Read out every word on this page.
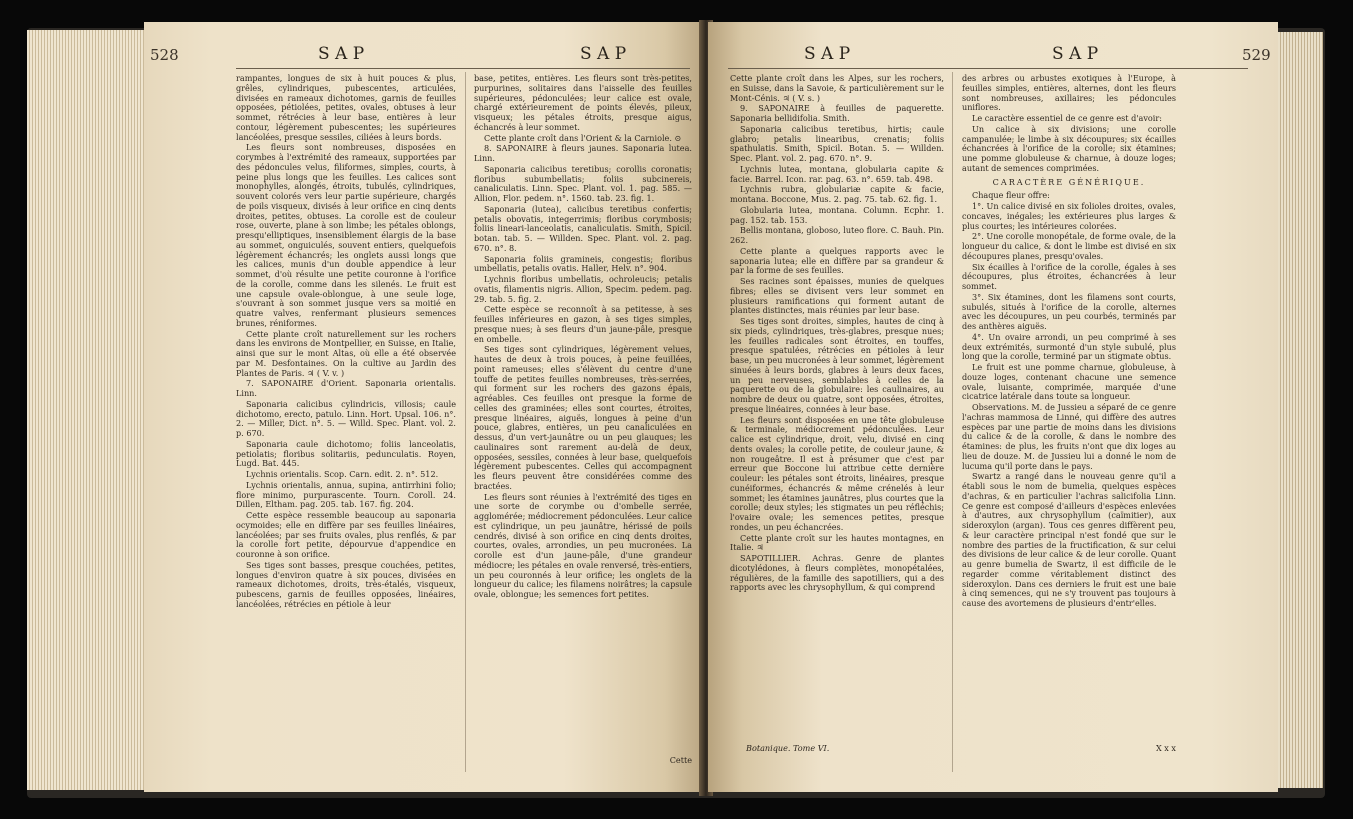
528	S A P	S A P

rampantes, longues de six à huit pouces & plus, grêles, cylindriques, pubescentes, articulées, divisées en rameaux dichotomes, garnis de feuilles opposées, pétiolées, petites, ovales, obtuses à leur sommet, rétrécies à leur base, entières à leur contour, légèrement pubescentes; les supérieures lancéolées, presque sessiles, ciliées à leurs bords.

Les fleurs sont nombreuses, disposées en corymbes à l'extrémité des rameaux, supportées par des pédoncules velus, filiformes, simples, courts, à peine plus longs que les feuilles. Les calices sont monophylles, alongés, étroits, tubulés, cylindriques, souvent colorés vers leur partie supérieure, chargés de poils visqueux, divisés à leur orifice en cinq dents droites, petites, obtuses. La corolle est de couleur rose, ouverte, plane à son limbe; les pétales oblongs, presqu'elliptiques, insensiblement élargis de la base au sommet, onguiculés, souvent entiers, quelquefois légèrement échancrés; les onglets aussi longs que les calices, munis d'un double appendice à leur sommet, d'où résulte une petite couronne à l'orifice de la corolle, comme dans les silenés. Le fruit est une capsule ovale-oblongue, à une seule loge, s'ouvrant à son sommet jusque vers sa moitié en quatre valves, renfermant plusieurs semences brunes, réniformes.

Cette plante croît naturellement sur les rochers dans les environs de Montpellier, en Suisse, en Italie, ainsi que sur le mont Altas, où elle a été observée par M. Desfontaines. On la cultive au Jardin des Plantes de Paris. ♃ ( V. v. )

7. SAPONAIRE d'Orient. Saponaria orientalis. Linn.

Saponaria calicibus cylindricis, villosis; caule dichotomo, erecto, patulo. Linn. Hort. Upsal. 106. n°. 2. — Miller, Dict. n°. 5. — Willd. Spec. Plant. vol. 2. p. 670.

Saponaria caule dichotomo; foliis lanceolatis, petiolatis; floribus solitariis, pedunculatis. Royen, Lugd. Bat. 445.

Lychnis orientalis. Scop. Carn. edit. 2. n°. 512.

Lychnis orientalis, annua, supina, antirrhini folio; flore minimo, purpurascente. Tourn. Coroll. 24. Dillen, Eltham. pag. 205. tab. 167. fig. 204.

Cette espèce ressemble beaucoup au saponaria ocymoides; elle en diffère par ses feuilles linéaires, lancéolées; par ses fruits ovales, plus renflés, & par la corolle fort petite, dépourvue d'appendice en couronne à son orifice.

Ses tiges sont basses, presque couchées, petites, longues d'environ quatre à six pouces, divisées en rameaux dichotomes, droits, très-étalés, visqueux, pubescens, garnis de feuilles opposées, linéaires, lancéolées, rétrécies en pétiole à leur

base, petites, entières. Les fleurs sont très-petites, purpurines, solitaires dans l'aisselle des feuilles supérieures, pédonculées; leur calice est ovale, chargé extérieurement de points élevés, pileux, visqueux; les pétales étroits, presque aigus, échancrés à leur sommet.

Cette plante croît dans l'Orient & la Carniole. ⊙

8. SAPONAIRE à fleurs jaunes. Saponaria lutea. Linn.

Saponaria calicibus teretibus; corollis coronatis; floribus subumbellatis; foliis subcinereis, canaliculatis. Linn. Spec. Plant. vol. 1. pag. 585. — Allion, Flor. pedem. n°. 1560. tab. 23. fig. 1.

Saponaria (lutea), calicibus teretibus confertis; petalis obovatis, integerrimis; floribus corymbosis; foliis lineari-lanceolatis, canaliculatis. Smith, Spicil. botan. tab. 5. — Willden. Spec. Plant. vol. 2. pag. 670. n°. 8.

Saponaria foliis gramineis, congestis; floribus umbellatis, petalis ovatis. Haller, Helv. n°. 904.

Lychnis floribus umbellatis, ochroleucis; petalis ovatis, filamentis nigris. Allion, Specim. pedem. pag. 29. tab. 5. fig. 2.

Cette espèce se reconnoît à sa petitesse, à ses feuilles inférieures en gazon, à ses tiges simples, presque nues; à ses fleurs d'un jaune-pâle, presque en ombelle.

Ses tiges sont cylindriques, légèrement velues, hautes de deux à trois pouces, à peine feuillées, point rameuses; elles s'élèvent du centre d'une touffe de petites feuilles nombreuses, très-serrées, qui forment sur les rochers des gazons épais, agréables. Ces feuilles ont presque la forme de celles des graminées; elles sont courtes, étroites, presque linéaires, aiguës, longues à peine d'un pouce, glabres, entières, un peu canaliculées en dessus, d'un vert-jaunâtre ou un peu glauques; les caulinaires sont rarement au-delà de deux, opposées, sessiles, connées à leur base, quelquefois légèrement pubescentes. Celles qui accompagnent les fleurs peuvent être considérées comme des bractées.

Les fleurs sont réunies à l'extrémité des tiges en une sorte de corymbe ou d'ombelle serrée, agglomérée; médiocrement pédonculées. Leur calice est cylindrique, un peu jaunâtre, hérissé de poils cendrés, divisé à son orifice en cinq dents droites, courtes, ovales, arrondies, un peu mucronées. La corolle est d'un jaune-pâle, d'une grandeur médiocre; les pétales en ovale renversé, très-entiers, un peu couronnés à leur orifice; les onglets de la longueur du calice; les filamens noirâtres; la capsule ovale, oblongue; les semences fort petites.

Cette

S A P	S A P	529

Cette plante croît dans les Alpes, sur les rochers, en Suisse, dans la Savoie, & particulièrement sur le Mont-Cénis. ♃ ( V. s. )

9. SAPONAIRE à feuilles de paquerette. Saponaria bellidifolia. Smith.

Saponaria calicibus teretibus, hirtis; caule glabro; petalis linearibus, crenatis; foliis spathulatis. Smith, Spicil. Botan. 5. — Willden. Spec. Plant. vol. 2. pag. 670. n°. 9.

Lychnis lutea, montana, globularia capite & facie. Barrel. Icon. rar. pag. 63. n°. 659. tab. 498.

Lychnis rubra, globulariæ capite & facie, montana. Boccone, Mus. 2. pag. 75. tab. 62. fig. 1.

Globularia lutea, montana. Column. Ecphr. 1. pag. 152. tab. 153.

Bellis montana, globoso, luteo flore. C. Bauh. Pin. 262.

Cette plante a quelques rapports avec le saponaria lutea; elle en diffère par sa grandeur & par la forme de ses feuilles.

Ses racines sont épaisses, munies de quelques fibres; elles se divisent vers leur sommet en plusieurs ramifications qui forment autant de plantes distinctes, mais réunies par leur base.

Ses tiges sont droites, simples, hautes de cinq à six pieds, cylindriques, très-glabres, presque nues; les feuilles radicales sont étroites, en touffes, presque spatulées, rétrécies en pétioles à leur base, un peu mucronées à leur sommet, légèrement sinuées à leurs bords, glabres à leurs deux faces, un peu nerveuses, semblables à celles de la paquerette ou de la globulaire: les caulinaires, au nombre de deux ou quatre, sont opposées, étroites, presque linéaires, connées à leur base.

Les fleurs sont disposées en une tête globuleuse & terminale, médiocrement pédonculées. Leur calice est cylindrique, droit, velu, divisé en cinq dents ovales; la corolle petite, de couleur jaune, & non rougeâtre. Il est à présumer que c'est par erreur que Boccone lui attribue cette dernière couleur: les pétales sont étroits, linéaires, presque cunéiformes, échancrés & même crénelés à leur sommet; les étamines jaunâtres, plus courtes que la corolle; deux styles; les stigmates un peu réfléchis; l'ovaire ovale; les semences petites, presque rondes, un peu échancrées.

Cette plante croît sur les hautes montagnes, en Italie. ♃

SAPOTILLIER. Achras. Genre de plantes dicotylédones, à fleurs complètes, monopétalées, régulières, de la famille des sapotilliers, qui a des rapports avec les chrysophyllum, & qui comprend

Botanique. Tome VI.

des arbres ou arbustes exotiques à l'Europe, à feuilles simples, entières, alternes, dont les fleurs sont nombreuses, axillaires; les pédoncules uniflores.

Le caractère essentiel de ce genre est d'avoir:

Un calice à six divisions; une corolle campanulée; le limbe à six découpures; six écailles échancrées à l'orifice de la corolle; six étamines; une pomme globuleuse & charnue, à douze loges; autant de semences comprimées.

CARACTÈRE GÉNÉRIQUE.

Chaque fleur offre:

1°. Un calice divisé en six folioles droites, ovales, concaves, inégales; les extérieures plus larges & plus courtes; les intérieures colorées.

2°. Une corolle monopétale, de forme ovale, de la longueur du calice, & dont le limbe est divisé en six découpures planes, presqu'ovales.

Six écailles à l'orifice de la corolle, égales à ses découpures, plus étroites, échancrées à leur sommet.

3°. Six étamines, dont les filamens sont courts, subulés, situés à l'orifice de la corolle, alternes avec les découpures, un peu courbés, terminés par des anthères aiguës.

4°. Un ovaire arrondi, un peu comprimé à ses deux extrémités, surmonté d'un style subulé, plus long que la corolle, terminé par un stigmate obtus.

Le fruit est une pomme charnue, globuleuse, à douze loges, contenant chacune une semence ovale, luisante, comprimée, marquée d'une cicatrice latérale dans toute sa longueur.

Observations. M. de Jussieu a séparé de ce genre l'achras mammosa de Linné, qui diffère des autres espèces par une partie de moins dans les divisions du calice & de la corolle, & dans le nombre des étamines: de plus, les fruits n'ont que dix loges au lieu de douze. M. de Jussieu lui a donné le nom de lucuma qu'il porte dans le pays.

Swartz a rangé dans le nouveau genre qu'il a établi sous le nom de bumelia, quelques espèces d'achras, & en particulier l'achras salicifolia Linn. Ce genre est composé d'ailleurs d'espèces enlevées à d'autres, aux chrysophyllum (caïmitier), aux sideroxylon (argan). Tous ces genres diffèrent peu, & leur caractère principal n'est fondé que sur le nombre des parties de la fructification, & sur celui des divisions de leur calice & de leur corolle. Quant au genre bumelia de Swartz, il est difficile de le regarder comme véritablement distinct des sideroxylon. Dans ces derniers le fruit est une baie à cinq semences, qui ne s'y trouvent pas toujours à cause des avortemens de plusieurs d'entr'elles.

X x x
